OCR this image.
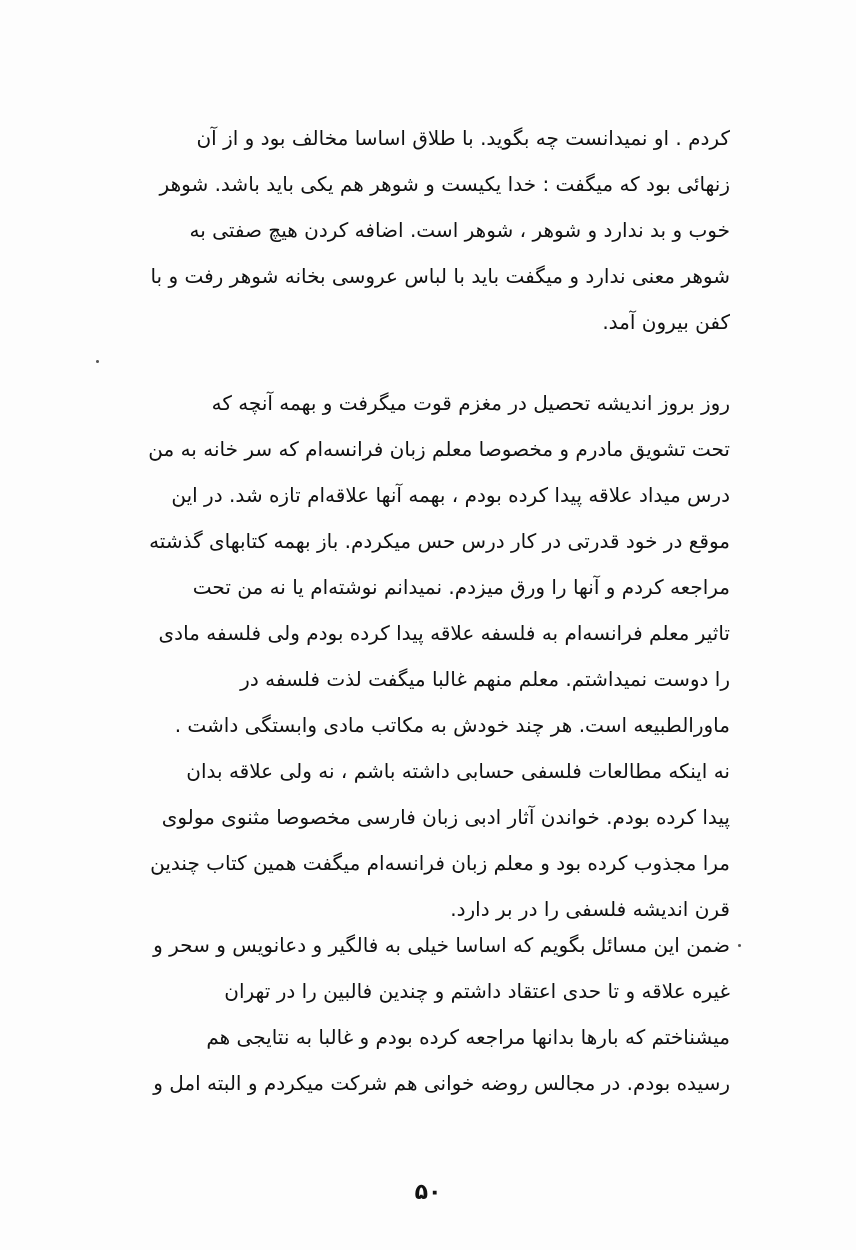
کردم . او نمیدانست چه بگوید. با طلاق اساسا مخالف بود و از آن
زنهائی بود که میگفت : خدا یکیست و شوهر هم یکی باید باشد. شوهر
خوب و بد ندارد و شوهر ، شوهر است. اضافه کردن هیچ صفتی به
شوهر معنی ندارد و میگفت باید با لباس عروسی بخانه شوهر رفت و با
کفن بیرون آمد.
روز بروز اندیشه تحصیل در مغزم قوت میگرفت و بهمه آنچه که
تحت تشویق مادرم و مخصوصا معلم زبان فرانسه‌ام که سر خانه به من
درس میداد علاقه پیدا کرده بودم ، بهمه آنها علاقه‌ام تازه شد. در این
موقع در خود قدرتی در کار درس حس میکردم. باز بهمه کتابهای گذشته
مراجعه کردم و آنها را ورق میزدم. نمیدانم نوشته‌ام یا نه من تحت
تاثیر معلم فرانسه‌ام به فلسفه علاقه پیدا کرده بودم ولی فلسفه مادی
را دوست نمیداشتم. معلم منهم غالبا میگفت لذت فلسفه در
ماورالطبیعه است. هر چند خودش به مکاتب مادی وابستگی داشت .
نه اینکه مطالعات فلسفی حسابی داشته باشم ، نه ولی علاقه بدان
پیدا کرده بودم. خواندن آثار ادبی زبان فارسی مخصوصا مثنوی مولوی
مرا مجذوب کرده بود و معلم زبان فرانسه‌ام میگفت همین کتاب چندین
قرن اندیشه فلسفی را در بر دارد.
ضمن این مسائل بگویم که اساسا خیلی به فالگیر و دعانویس و سحر و
غیره علاقه و تا حدی اعتقاد داشتم و چندین فالبین را در تهران
میشناختم که بارها بدانها مراجعه کرده بودم و غالبا به نتایجی هم
رسیده بودم. در مجالس روضه خوانی هم شرکت میکردم و البته امل و
۵۰
